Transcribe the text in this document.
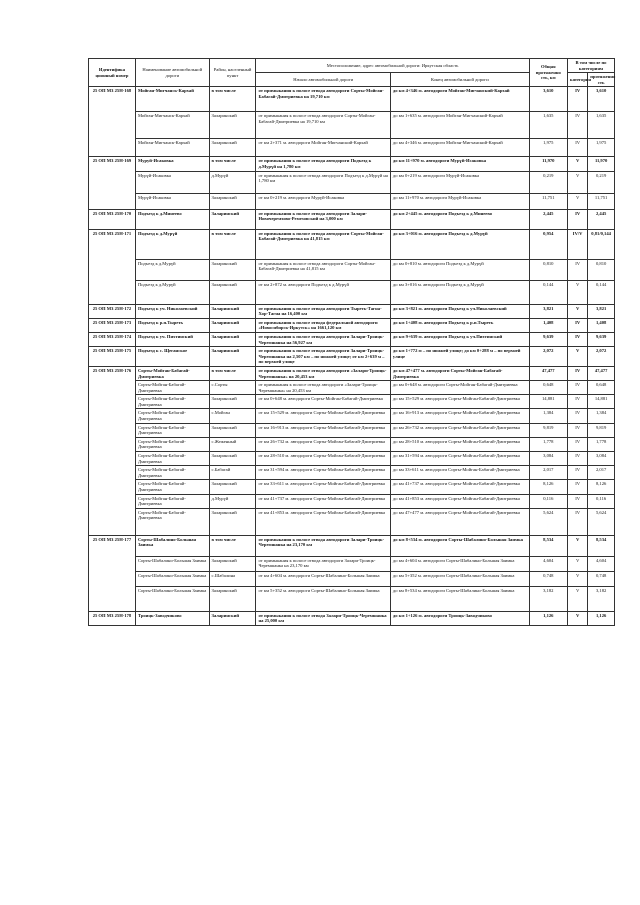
Идентифика ционный номер	Наименование автомобильной дороги	Район, населенный пункт	Местоположение, адрес автомобильной дороги: Иркутская область		Общая протяженно сть, км	В том числе по категориям	
			Начало автомобильной дороги	Конец автомобильной дороги		категория	протяженно сть
25 ОП МЗ 25Н-168	Мойган-Мигчанск-Кархай	в том числе	от примыкания к полосе отвода автодороги Сорты-Мойган-Бабагай-Дмитриевка на 19,710 км	до км 4+346 м. автодороги Мойган-Мигчанский-Кархай	3,610	IV	3,610
	Мойган-Мигчанск-Кархай	Заларинский	от примыкания к полосе отвода автодороги Сорты-Мойган-Бабагай-Дмитриевка на 19,710 км	до км 1+635 м. автодороги Мойган-Мигчанский-Кархай	1,635	IV	1,635
	Мойган-Мигчанск-Кархай	Заларинский	от км 2+371 м. автодороги Мойган-Мигчанский-Кархай	до км 4+346 м. автодороги Мойган-Мигчанский-Кархай	1,975	IV	1,975
25 ОП МЗ 25Н-169	Муруй-Исаковка	в том числе	от примыкания к полосе отвода автодороги Подъезд к д.Мурүй на 1,780 км	до км 11+970 м. автодороги Мурүй-Исаковка	11,970	V	11,970
	Мурүй-Исаковка	д.Мурүй	от примыкания к полосе отвода автодороги Подъезд к д.Мурүй на 1,780 км	до км 0+219 м. автодороги Мурүй-Исаковка	0,219	V	0,219
	Мурүй-Исаковка	Заларинский	от км 0+219 м. автодороги Мурүй-Исаковка	до км 11+970 м. автодороги Мурүй-Исаковка	11,751	V	11,751
25 ОП МЗ 25Н-170	Подъезд к д.Минеево	Заларинский	от примыкания к полосе отвода автодороги Залари-Новочеремхово-Ремезовский на 3,000 км	до км 2+445 м. автодороги Подъезд к д.Минеево	2,445	IV	2,445
25 ОП МЗ 25Н-171	Подъезд к д.Мурүй	в том числе	от примыкания к полосе отвода автодороги Сорты-Мойган-Бабагай-Дмитриевка на 41,815 км	до км 3+016 м. автодороги Подъезд к д.Мурүй	0,954	IV/V	0,81/0,144
	Подъезд к д.Мурүй	Заларинский	от примыкания к полосе отвода автодороги Сорты-Мойган-Бабагай-Дмитриевка на 41,815 км	до км 0+810 м. автодороги Подъезд к д.Мурүй	0,810	IV	0,810
	Подъезд к д.Мурүй	Заларинский	от км 2+872 м. автодороги Подъезд к д.Мурүй	до км 3+016 м. автодороги Подъезд к д.Мурүй	0,144	V	0,144
25 ОП МЗ 25Н-172	Подъезд к уч. Николаевский	Заларинский	от примыкания к полосе отвода автодороги Тыреть-Тагна-Хор-Тагна на 16,400 км	до км 3+821 м. автодороги Подъезд к уч.Николаевский	3,821	V	3,821
25 ОП МЗ 25Н-173	Подъезд к р.п.Тыреть	Заларинский	от примыкания к полосе отвода федеральной автодороги «Новосибирск-Иркутск» на 1661,120 км	до км 1+408 м. автодороги Подъезд к р.п.Тыреть	1,408	IV	1,408
25 ОП МЗ 25Н-174	Подъезд к уч. Пихтинский	Заларинский	от примыкания к полосе отвода автодороги Залари-Троицк-Черемшанка на 56,927 км	до км 9+639 м. автодороги Подъезд к уч.Пихтинский	9,639	IV	9,639
25 ОП МЗ 25Н-175	Подъезд к с. Щеганское	Заларинский	от примыкания к полосе отвода автодороги Залари-Троицк-Черемшанка на 2,507 км – по нижней улице; от км 2+639 м – по верхней улице	до км 1+772 м – по нижней улице; до км 0+288 м – по верхней улице	2,072	V	2,072
25 ОП МЗ 25Н-176	Сорты-Мойган-Бабагай-Дмитриевка	в том числе	от примыкания к полосе отвода автодороги «Залари-Троицк-Черемшанка» на 20,453 км	до км 47+477 м. автодороги Сорты-Мойган-Бабагай-Дмитриевка	47,477	IV	47,477
	Сорты-Мойган-Бабагай-Дмитриевка	с.Сорты	от примыкания к полосе отвода автодороги «Залари-Троицк-Черемшанка» на 20,453 км	до км 0+648 м. автодороги Сорты-Мойган-Бабагай-Дмитриевка	0,648	IV	0,648
	Сорты-Мойган-Бабагай-Дмитриевка	Заларинский	от км 0+648 м. автодороги Сорты-Мойган-Бабагай-Дмитриевка	до км 15+529 м. автодороги Сорты-Мойган-Бабагай-Дмитриевка	14,881	IV	14,881
	Сорты-Мойган-Бабагай-Дмитриевка	с.Мойган	от км 15+529 м. автодороги Сорты-Мойган-Бабагай-Дмитриевка	до км 16+913 м. автодороги Сорты-Мойган-Бабагай-Дмитриевка	1,384	IV	1,384
	Сорты-Мойган-Бабагай-Дмитриевка	Заларинский	от км 16+913 м. автодороги Сорты-Мойган-Бабагай-Дмитриевка	до км 26+732 м. автодороги Сорты-Мойган-Бабагай-Дмитриевка	9,819	IV	9,819
	Сорты-Мойган-Бабагай-Дмитриевка	с.Жеженный	от км 26+732 м. автодороги Сорты-Мойган-Бабагай-Дмитриевка	до км 28+510 м. автодороги Сорты-Мойган-Бабагай-Дмитриевка	1,778	IV	1,778
	Сорты-Мойган-Бабагай-Дмитриевка	Заларинский	от км 28+510 м. автодороги Сорты-Мойган-Бабагай-Дмитриевка	до км 31+594 м. автодороги Сорты-Мойган-Бабагай-Дмитриевка	3,084	IV	3,084
	Сорты-Мойган-Бабагай-Дмитриевка	с.Бабагай	от км 31+594 м. автодороги Сорты-Мойган-Бабагай-Дмитриевка	до км 33+611 м. автодороги Сорты-Мойган-Бабагай-Дмитриевка	2,017	IV	2,017
	Сорты-Мойган-Бабагай-Дмитриевка	Заларинский	от км 33+611 м. автодороги Сорты-Мойган-Бабагай-Дмитриевка	до км 41+737 м. автодороги Сорты-Мойган-Бабагай-Дмитриевка	8,126	IV	8,126
	Сорты-Мойган-Бабагай-Дмитриевка	д.Мурүй	от км 41+737 м. автодороги Сорты-Мойган-Бабагай-Дмитриевка	до км 41+853 м. автодороги Сорты-Мойган-Бабагай-Дмитриевка	0,116	IV	0,116
	Сорты-Мойган-Бабагай-Дмитриевка	Заларинский	от км 41+853 м. автодороги Сорты-Мойган-Бабагай-Дмитриевка	до км 47+477 м. автодороги Сорты-Мойган-Бабагай-Дмитриевка	5,624	IV	5,624
25 ОП МЗ 25Н-177	Сорты-Шабалино-Большая Заимка	в том числе	от примыкания к полосе отвода автодороги Залари-Троицк-Черемшанка на 23,170 км	до км 8+534 м. автодороги Сорты-Шабалино-Большая Заимка	8,534	V	8,534
	Сорты-Шабалино-Большая Заимка	Заларинский	от примыкания к полосе отвода автодороги Залари-Троицк-Черемшанка на 23,170 км	до км 4+604 м. автодороги Сорты-Шабалино-Большая Заимка	4,604	V	4,604
	Сорты-Шабалино-Большая Заимка	с.Шабалина	от км 4+604 м. автодороги Сорты-Шабалино-Большая Заимка	до км 5+352 м. автодороги Сорты-Шабалино-Большая Заимка	0,748	V	0,748
	Сорты-Шабалино-Большая Заимка	Заларинский	от км 5+352 м. автодороги Сорты-Шабалино-Большая Заимка	до км 8+534 м. автодороги Сорты-Шабалино-Большая Заимка	3,182	V	3,182
25 ОП МЗ 25Н-178	Троицк-Заводчиково	Заларинский	от примыкания к полосе отвода Залари-Троицк-Черемшанка на 25,000 км	до км 1+126 м. автодороги Троицк-Заводчиково	1,126	V	1,126
